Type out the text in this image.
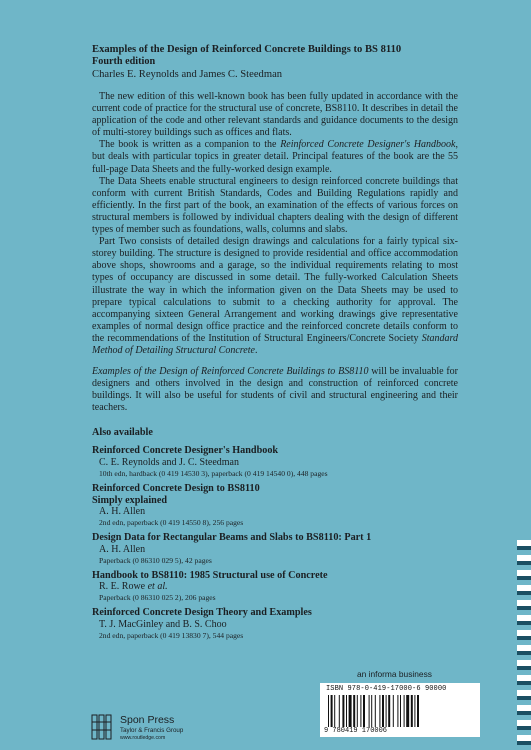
Examples of the Design of Reinforced Concrete Buildings to BS 8110

Fourth edition

Charles E. Reynolds and James C. Steedman

The new edition of this well-known book has been fully updated in accordance with the current code of practice for the structural use of concrete, BS8110. It describes in detail the application of the code and other relevant standards and guidance documents to the design of multi-storey buildings such as offices and flats.

The book is written as a companion to the Reinforced Concrete Designer's Handbook, but deals with particular topics in greater detail. Principal features of the book are the 55 full-page Data Sheets and the fully-worked design example.

The Data Sheets enable structural engineers to design reinforced concrete buildings that conform with current British Standards, Codes and Building Regulations rapidly and efficiently. In the first part of the book, an examination of the effects of various forces on structural members is followed by individual chapters dealing with the design of different types of member such as foundations, walls, columns and slabs.

Part Two consists of detailed design drawings and calculations for a fairly typical six-storey building. The structure is designed to provide residential and office accommodation above shops, showrooms and a garage, so the individual requirements relating to most types of occupancy are discussed in some detail. The fully-worked Calculation Sheets illustrate the way in which the information given on the Data Sheets may be used to prepare typical calculations to submit to a checking authority for approval. The accompanying sixteen General Arrangement and working drawings give representative examples of normal design office practice and the reinforced concrete details conform to the recommendations of the Institution of Structural Engineers/Concrete Society Standard Method of Detailing Structural Concrete.

Examples of the Design of Reinforced Concrete Buildings to BS8110 will be invaluable for designers and others involved in the design and construction of reinforced concrete buildings. It will also be useful for students of civil and structural engineering and their teachers.

Also available

Reinforced Concrete Designer's Handbook

C. E. Reynolds and J. C. Steedman

10th edn, hardback (0 419 14530 3), paperback (0 419 14540 0), 448 pages

Reinforced Concrete Design to BS8110

Simply explained

A. H. Allen

2nd edn, paperback (0 419 14550 8), 256 pages

Design Data for Rectangular Beams and Slabs to BS8110: Part 1

A. H. Allen

Paperback (0 86310 029 5), 42 pages

Handbook to BS8110: 1985 Structural use of Concrete

R. E. Rowe et al.

Paperback (0 86310 025 2), 206 pages

Reinforced Concrete Design Theory and Examples

T. J. MacGinley and B. S. Choo

2nd edn, paperback (0 419 13830 7), 544 pages

an informa business
ISBN 978-0-419-17000-6 90000
9 780419 170006
Spon Press
Taylor & Francis Group
www.routledge.com
